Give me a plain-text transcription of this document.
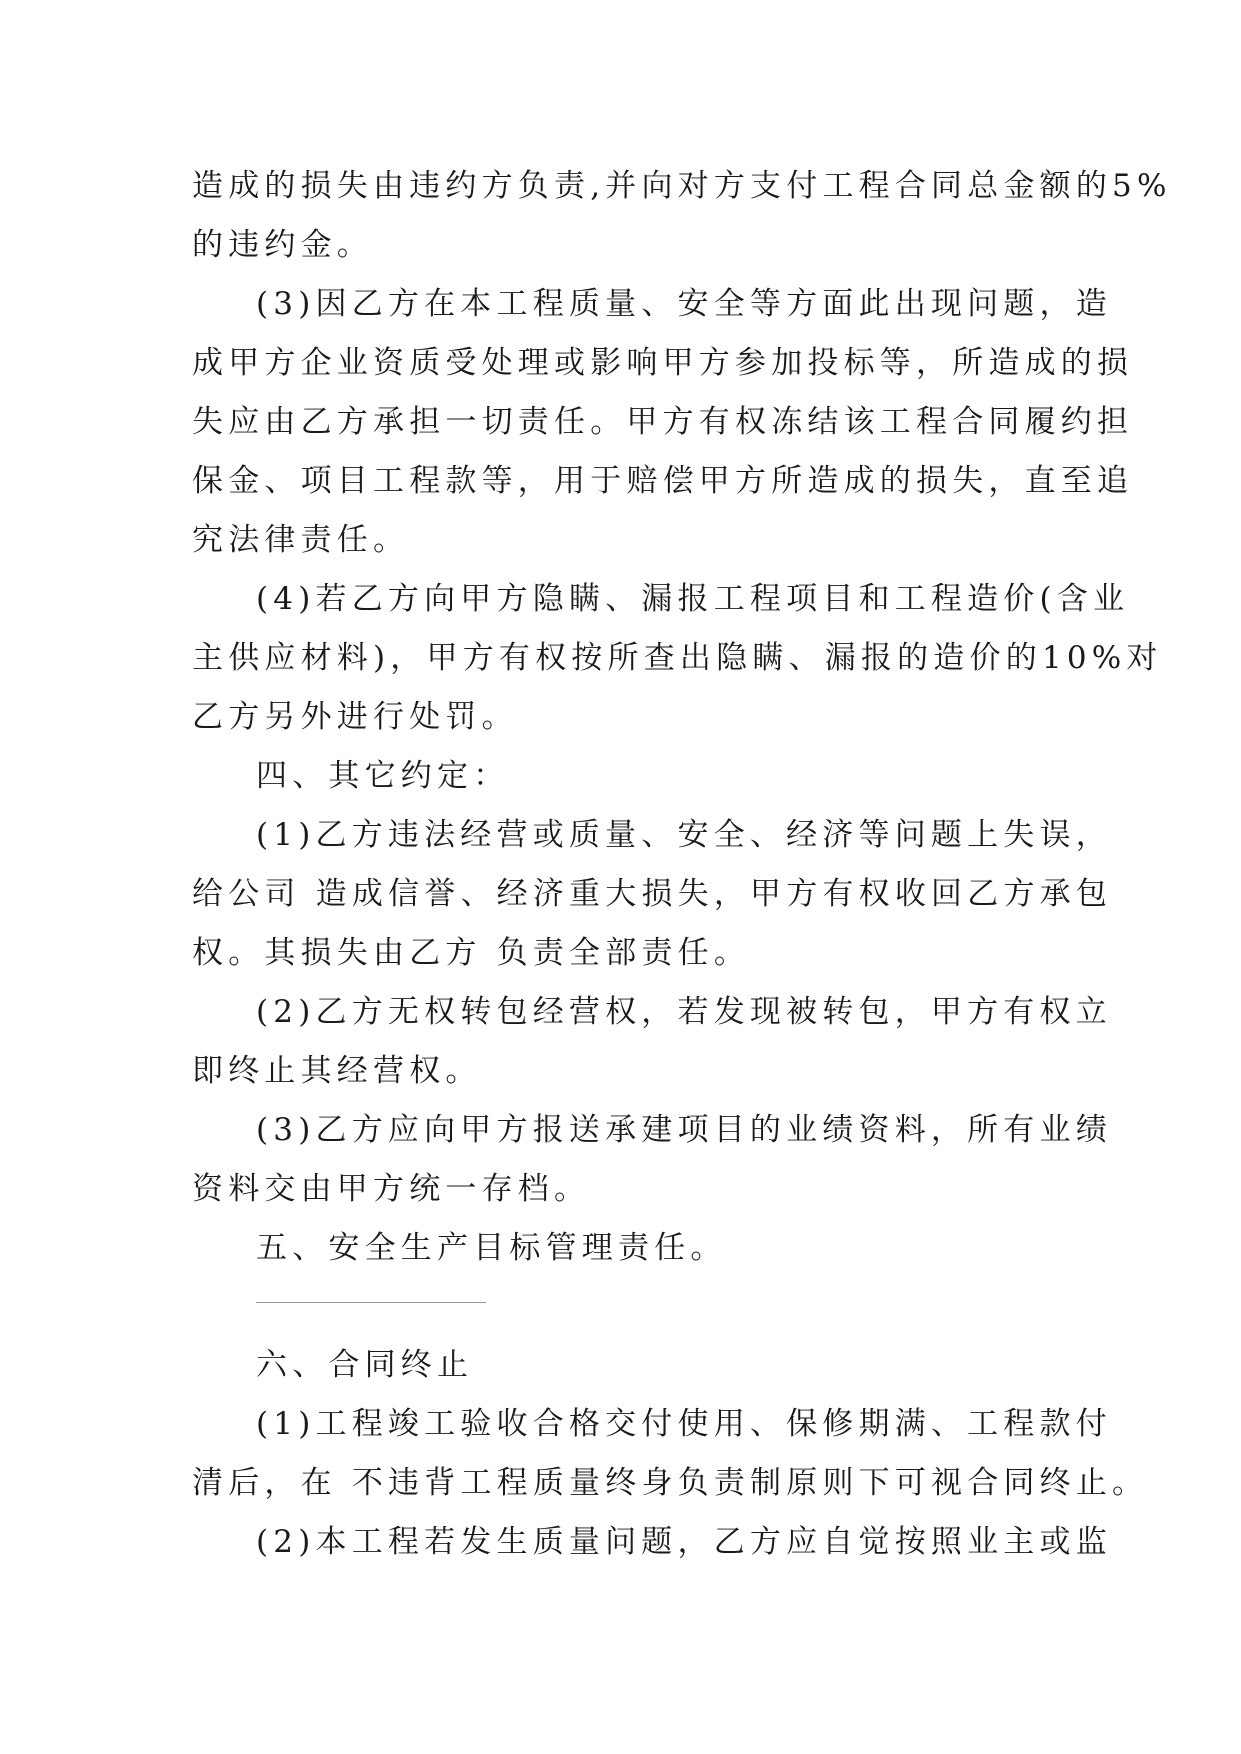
造成的损失由违约方负责,并向对方支付工程合同总金额的5%
的违约金。
(3)因乙方在本工程质量、安全等方面此出现问题，造
成甲方企业资质受处理或影响甲方参加投标等，所造成的损
失应由乙方承担一切责任。甲方有权冻结该工程合同履约担
保金、项目工程款等，用于赔偿甲方所造成的损失，直至追
究法律责任。
(4)若乙方向甲方隐瞒、漏报工程项目和工程造价(含业
主供应材料)，甲方有权按所查出隐瞒、漏报的造价的10%对
乙方另外进行处罚。
四、其它约定：
(1)乙方违法经营或质量、安全、经济等问题上失误，
给公司 造成信誉、经济重大损失，甲方有权收回乙方承包
权。其损失由乙方 负责全部责任。
(2)乙方无权转包经营权，若发现被转包，甲方有权立
即终止其经营权。
(3)乙方应向甲方报送承建项目的业绩资料，所有业绩
资料交由甲方统一存档。
五、安全生产目标管理责任。
六、合同终止
(1)工程竣工验收合格交付使用、保修期满、工程款付
清后，在 不违背工程质量终身负责制原则下可视合同终止。
(2)本工程若发生质量问题，乙方应自觉按照业主或监
